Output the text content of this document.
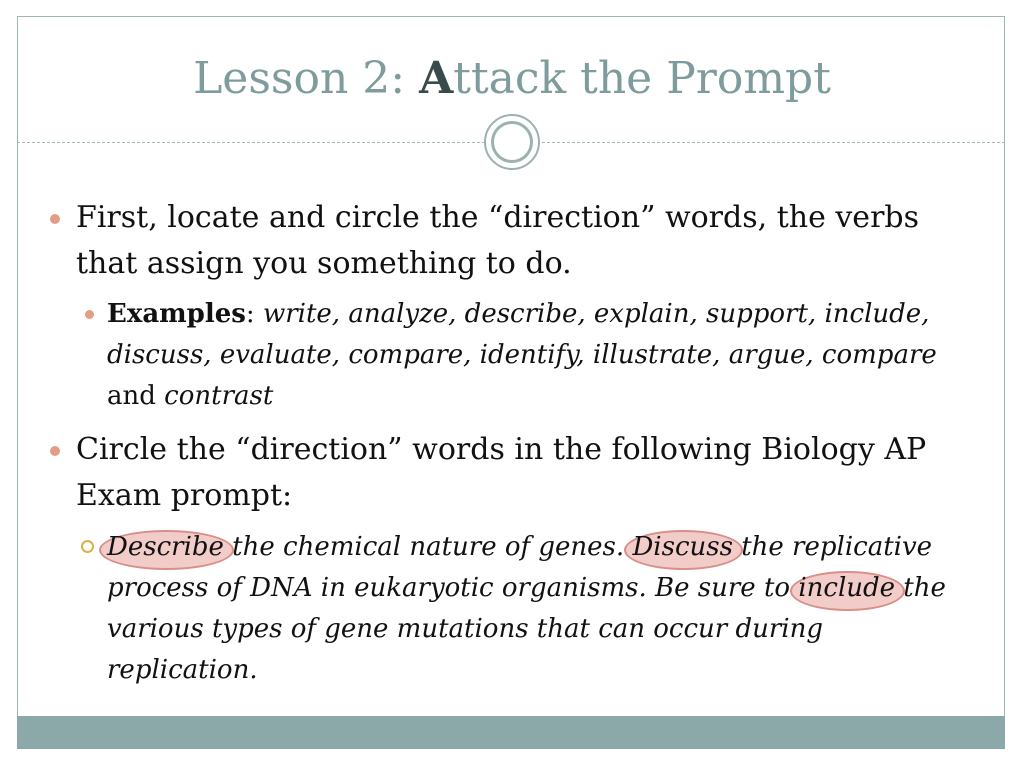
Lesson 2: Attack the Prompt
First, locate and circle the “direction” words, the verbs that assign you something to do.
Examples: write, analyze, describe, explain, support, include, discuss, evaluate, compare, identify, illustrate, argue, compare and contrast
Circle the “direction” words in the following Biology AP Exam prompt:
Describe the chemical nature of genes. Discuss the replicative process of DNA in eukaryotic organisms. Be sure to include the various types of gene mutations that can occur during replication.
